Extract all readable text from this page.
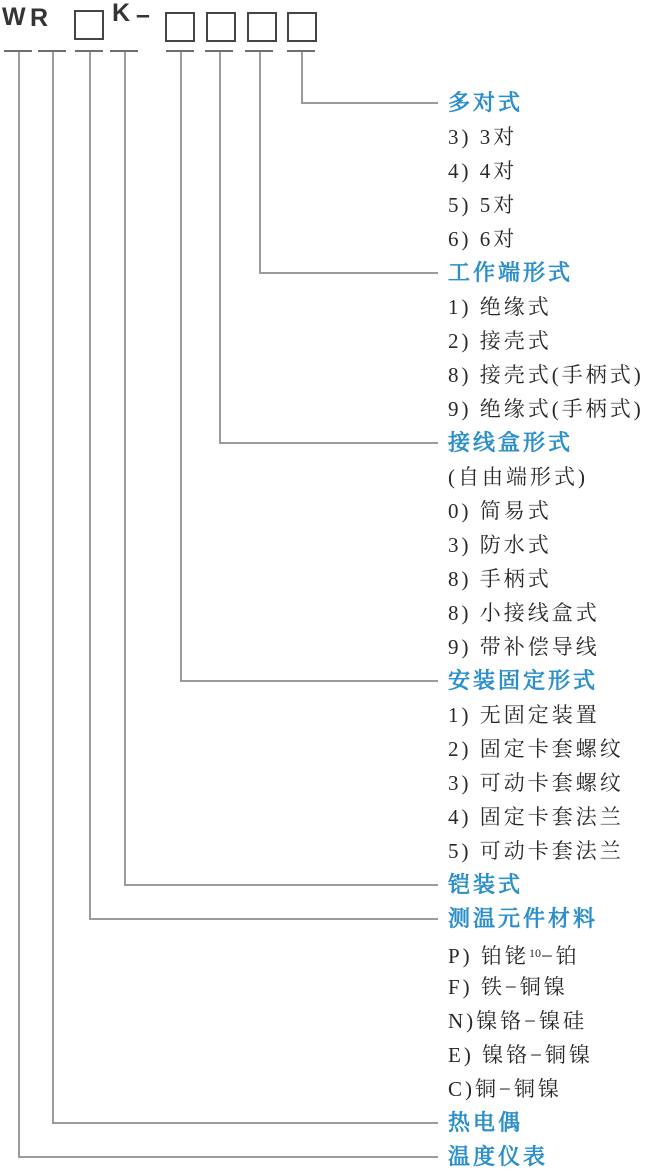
W R	K –
多对式
3) 3对
4) 4对
5) 5对
6) 6对
工作端形式
1) 绝缘式
2) 接壳式
8) 接壳式(手柄式)
9) 绝缘式(手柄式)
接线盒形式
(自由端形式)
0) 简易式
3) 防水式
8) 手柄式
8) 小接线盒式
9) 带补偿导线
安装固定形式
1) 无固定装置
2) 固定卡套螺纹
3) 可动卡套螺纹
4) 固定卡套法兰
5) 可动卡套法兰
铠装式
测温元件材料
P) 铂铑$^{10}$−铂
F) 铁−铜镍
N)镍铬−镍硅
E) 镍铬−铜镍
C)铜−铜镍
热电偶
温度仪表
